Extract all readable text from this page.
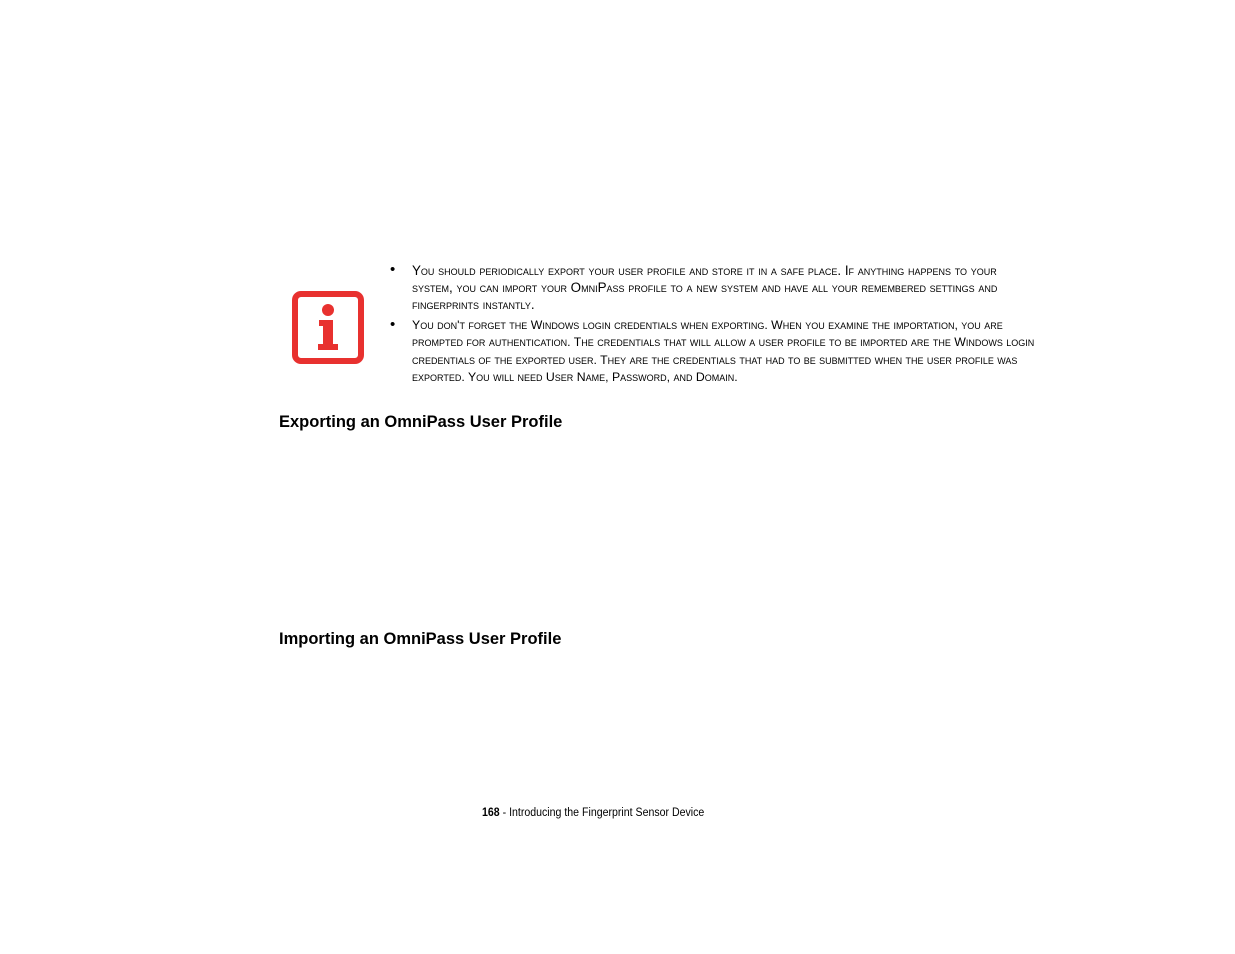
• You should periodically export your user profile and store it in a safe place. If anything happens to your system, you can import your OmniPass profile to a new system and have all your remembered settings and fingerprints instantly.
• You don't forget the Windows login credentials when exporting. When you examine the importation, you are prompted for authentication. The credentials that will allow a user profile to be imported are the Windows login credentials of the exported user. They are the credentials that had to be submitted when the user profile was exported. You will need User Name, Password, and Domain.
Exporting an OmniPass User Profile
Importing an OmniPass User Profile
168 - Introducing the Fingerprint Sensor Device
